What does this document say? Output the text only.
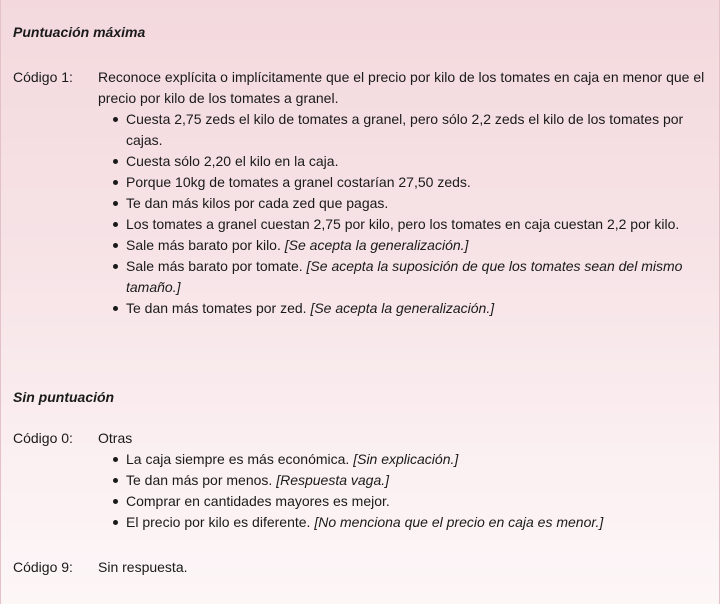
Puntuación máxima
Código 1:	Reconoce explícita o implícitamente que el precio por kilo de los tomates en caja en menor que el precio por kilo de los tomates a granel.

Cuesta 2,75 zeds el kilo de tomates a granel, pero sólo 2,2 zeds el kilo de los tomates por cajas.
Cuesta sólo 2,20 el kilo en la caja.
Porque 10kg de tomates a granel costarían 27,50 zeds.
Te dan más kilos por cada zed que pagas.
Los tomates a granel cuestan 2,75 por kilo, pero los tomates en caja cuestan 2,2 por kilo.
Sale más barato por kilo. [Se acepta la generalización.]
Sale más barato por tomate. [Se acepta la suposición de que los tomates sean del mismo tamaño.]
Te dan más tomates por zed. [Se acepta la generalización.]
Sin puntuación
Código 0:	Otras

La caja siempre es más económica. [Sin explicación.]
Te dan más por menos. [Respuesta vaga.]
Comprar en cantidades mayores es mejor.
El precio por kilo es diferente. [No menciona que el precio en caja es menor.]
Código 9:	Sin respuesta.
